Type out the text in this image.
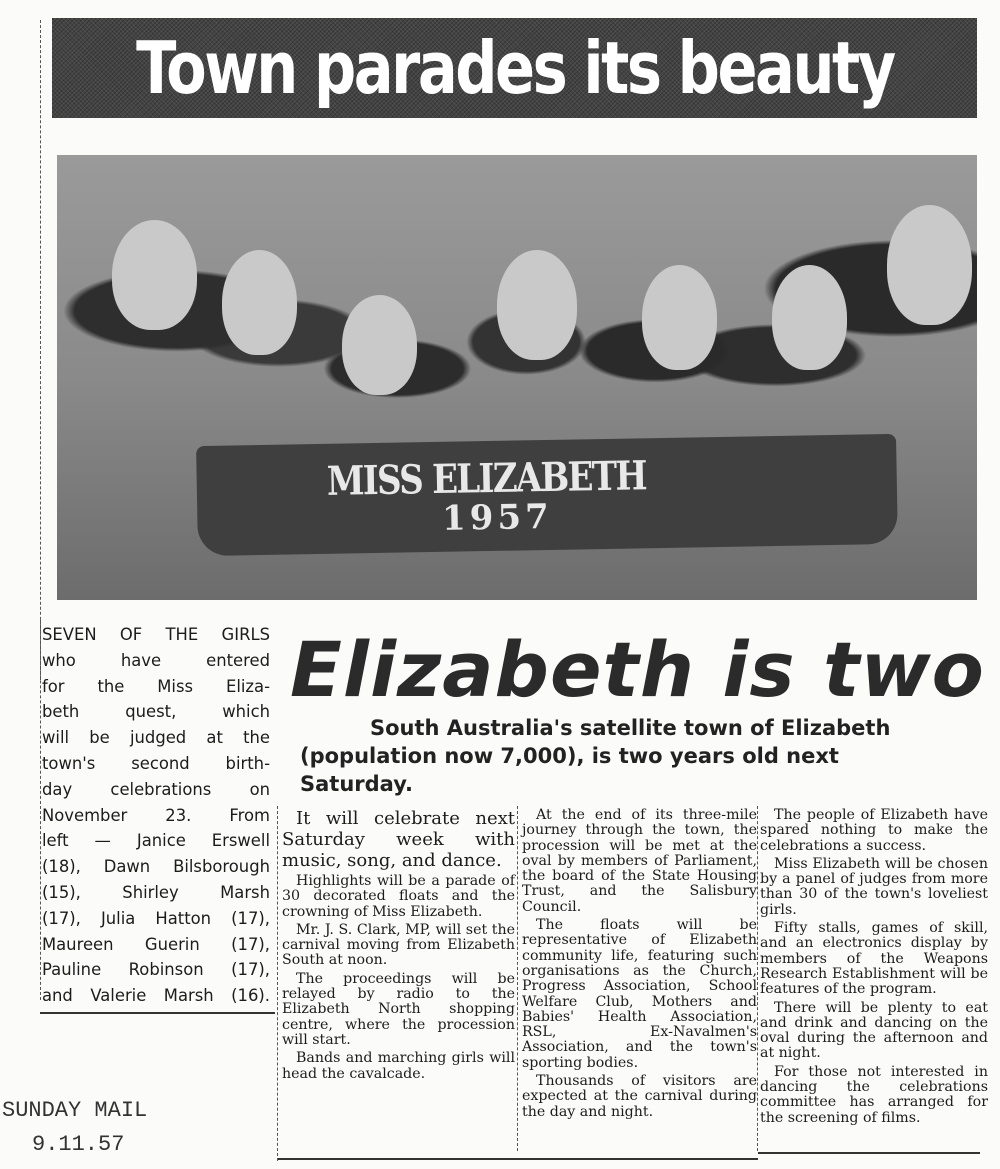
Town parades its beauty
MISS ELIZABETH
1957

SEVEN OF THE GIRLS

who have entered

for the Miss Eliza-

beth quest, which

will be judged at the

town's second birth-

day celebrations on

November 23. From

left — Janice Erswell

(18), Dawn Bilsborough

(15), Shirley Marsh

(17), Julia Hatton (17),

Maureen Guerin (17),

Pauline Robinson (17),

and Valerie Marsh (16).

Elizabeth is two
South Australia's satellite town of Elizabeth
(population now 7,000), is two years old next
Saturday.

It will celebrate next Saturday week with music, song, and dance.

Highlights will be a parade of 30 decorated floats and the crowning of Miss Elizabeth.

Mr. J. S. Clark, MP, will set the carnival moving from Elizabeth South at noon.

The proceedings will be relayed by radio to the Elizabeth North shopping centre, where the procession will start.

Bands and marching girls will head the cavalcade.

At the end of its three-mile journey through the town, the procession will be met at the oval by members of Parliament, the board of the State Housing Trust, and the Salisbury Council.

The floats will be representative of Elizabeth community life, featuring such organisations as the Church, Progress Association, School Welfare Club, Mothers and Babies' Health Association, RSL, Ex-Navalmen's Association, and the town's sporting bodies.

Thousands of visitors are expected at the carnival during the day and night.

The people of Elizabeth have spared nothing to make the celebrations a success.

Miss Elizabeth will be chosen by a panel of judges from more than 30 of the town's loveliest girls.

Fifty stalls, games of skill, and an electronics display by members of the Weapons Research Establishment will be features of the program.

There will be plenty to eat and drink and dancing on the oval during the afternoon and at night.

For those not interested in dancing the celebrations committee has arranged for the screening of films.

SUNDAY MAIL
9.11.57
